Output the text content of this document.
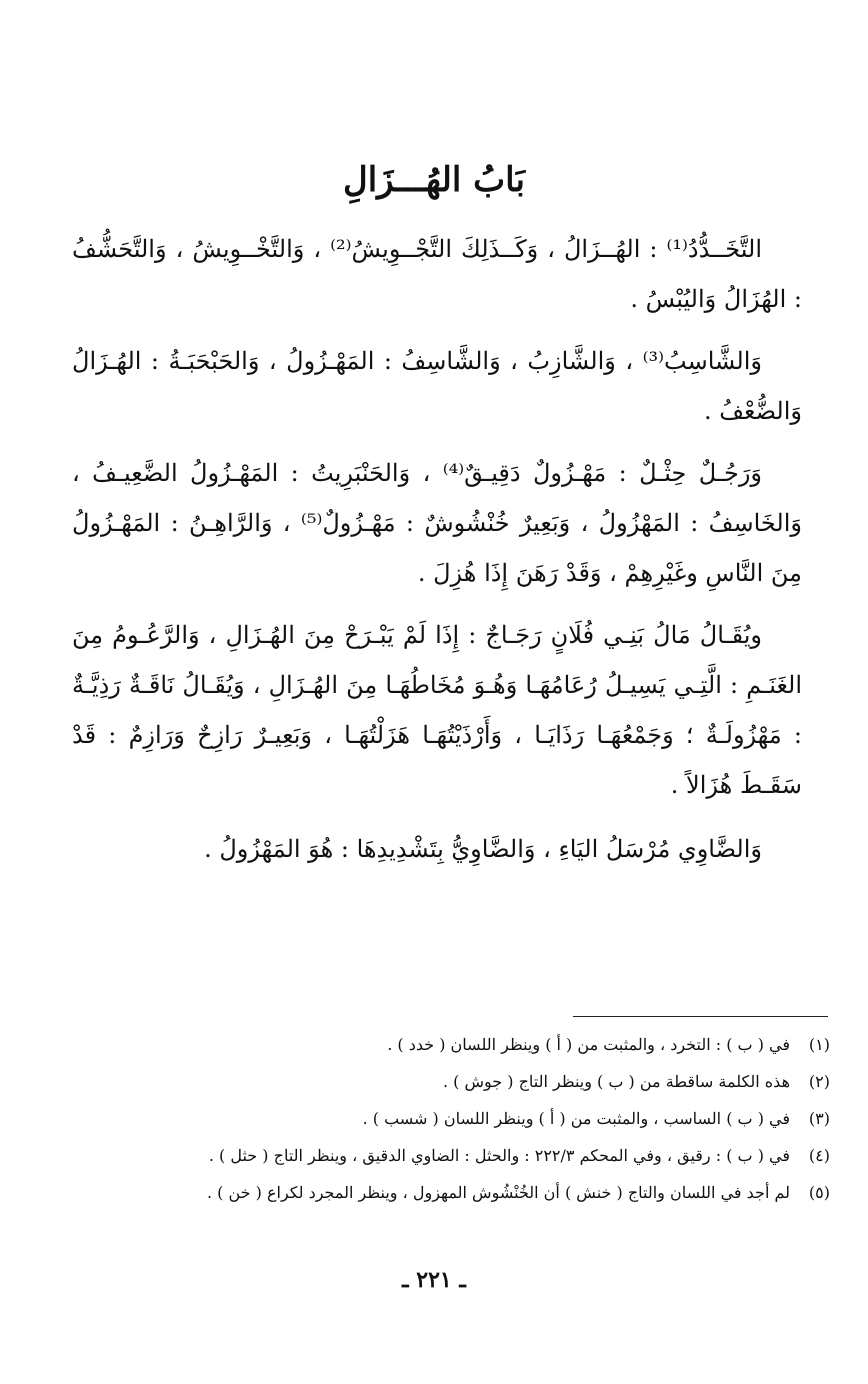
بَابُ الهُـــزَالِ

التَّخَــدُّدُ⁽¹⁾ : الهُــزَالُ ، وَكَــذَلِكَ التَّجْــوِيشُ⁽²⁾ ، وَالتَّخْــوِيشُ ، وَالتَّحَشُّفُ : الهُزَالُ وَاليُبْسُ .

وَالشَّاسِبُ⁽³⁾ ، وَالشَّازِبُ ، وَالشَّاسِفُ : المَهْـزُولُ ، وَالحَبْحَبَـةُ : الهُـزَالُ وَالضُّعْفُ .

وَرَجُـلٌ حِثْـلٌ : مَهْـزُولٌ دَقِيـقٌ⁽⁴⁾ ، وَالحَنْبَرِيتُ : المَهْـزُولُ الضَّعِيـفُ ، وَالخَاسِفُ : المَهْزُولُ ، وَبَعِيرٌ خُنْشُوشٌ : مَهْـزُولٌ⁽⁵⁾ ، وَالرَّاهِـنُ : المَهْـزُولُ مِنَ النَّاسِ وغَيْرِهِمْ ، وَقَدْ رَهَنَ إِذَا هُزِلَ .

ويُقَـالُ مَالُ بَنِـي فُلَانٍ رَجَـاجٌ : إِذَا لَمْ يَبْـرَحْ مِنَ الهُـزَالِ ، وَالرَّعُـومُ مِنَ الغَنَـمِ : الَّتِـي يَسِيـلُ رُعَامُهَـا وَهُـوَ مُخَاطُهَـا مِنَ الهُـزَالِ ، وَيُقَـالُ نَاقَـةٌ رَذِيَّـةٌ : مَهْزُولَـةٌ ؛ وَجَمْعُهَـا رَذَايَـا ، وَأَرْذَيْتُهَـا هَزَلْتُهَـا ، وَبَعِيـرٌ رَازِحٌ وَرَازِمٌ : قَدْ سَقَـطَ هُزَالاً .

وَالضَّاوِي مُرْسَلُ اليَاءِ ، وَالضَّاوِيُّ بِتَشْدِيدِهَا : هُوَ المَهْزُولُ .

(١)
في ( ب ) : التخرد ، والمثبت من ( أ ) وينظر اللسان ( خدد ) .
(٢)
هذه الكلمة ساقطة من ( ب ) وينظر التاج ( جوش ) .
(٣)
في ( ب ) الساسب ، والمثبت من ( أ ) وينظر اللسان ( شسب ) .
(٤)
في ( ب ) : رقيق ، وفي المحكم ٢٢٢/٣ : والحثل : الضاوي الدقيق ، وينظر التاج ( حثل ) .
(٥)
لم أجد في اللسان والتاج ( خنش ) أن الخُنْشُوش المهزول ، وينظر المجرد لكراع ( خن ) .
ـ ٢٢١ ـ
